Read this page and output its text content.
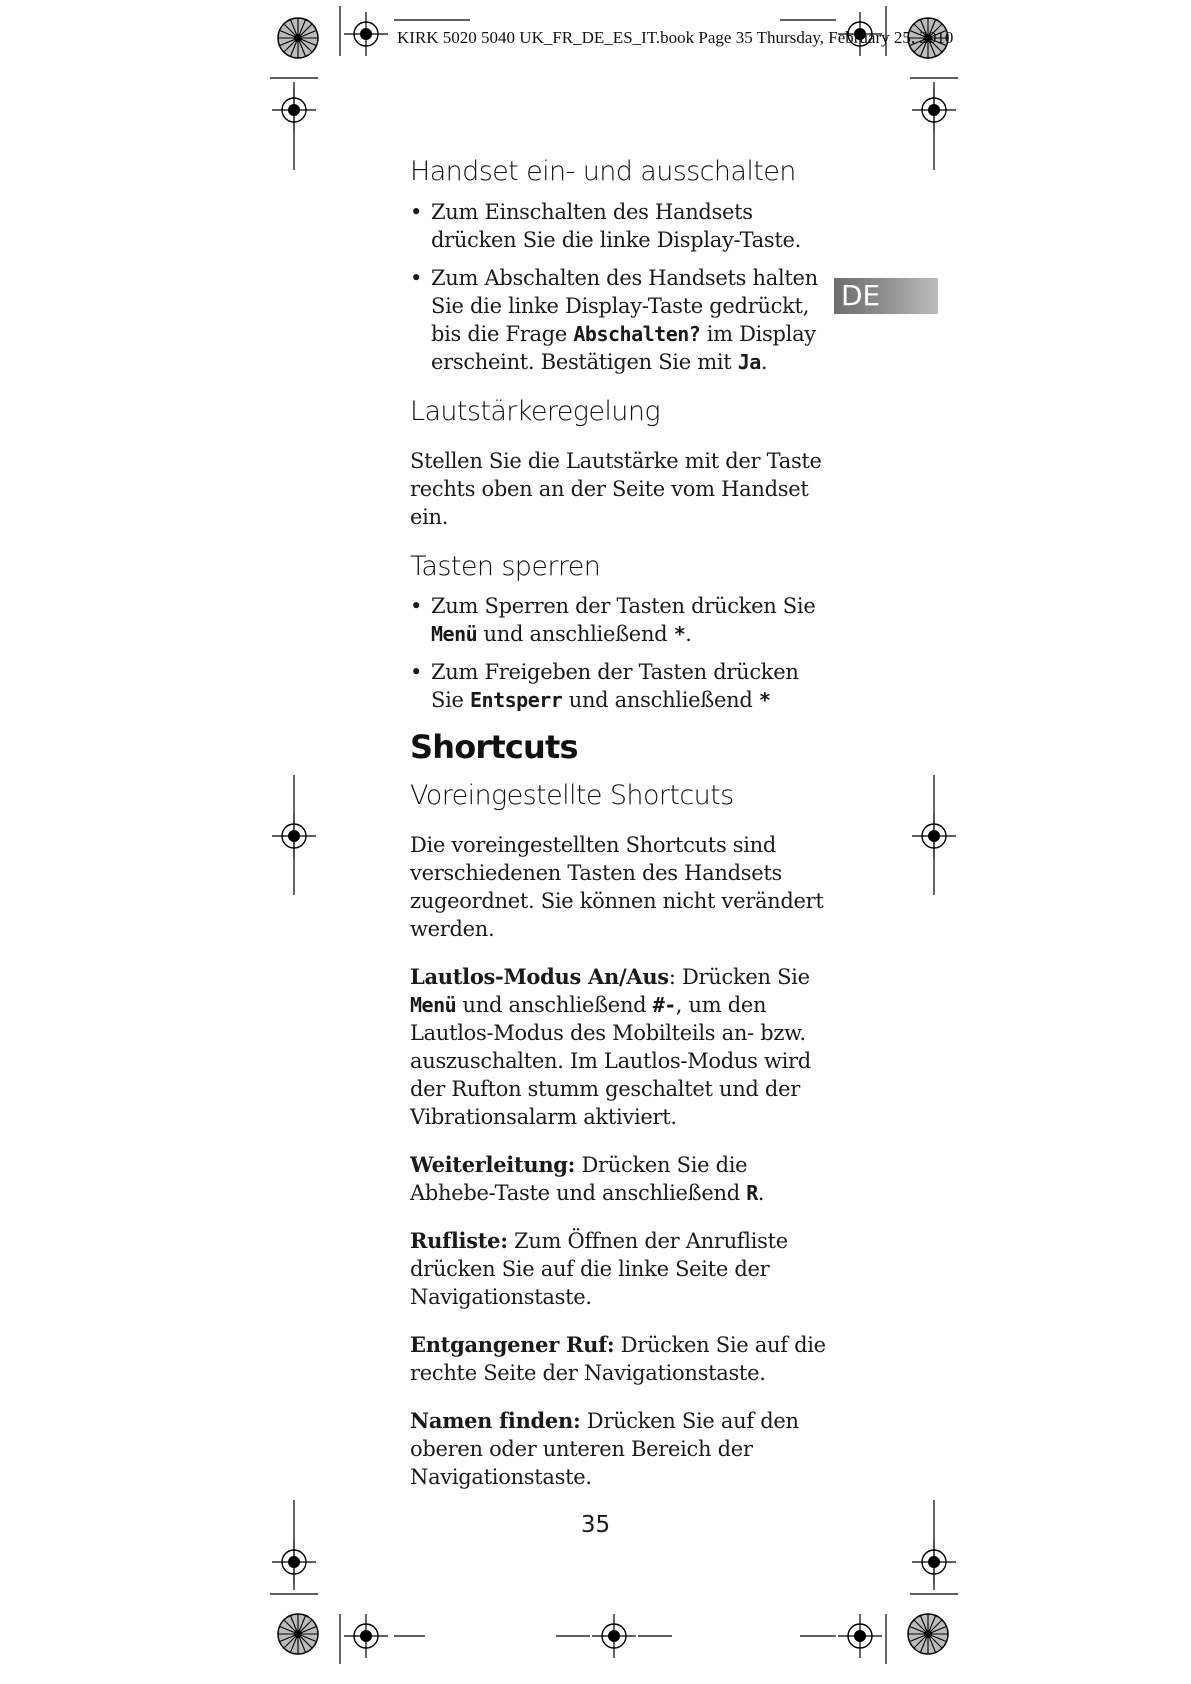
KIRK 5020 5040 UK_FR_DE_ES_IT.book Page 35 Thursday, February 25, 2010
DE
Handset ein- und ausschalten
• Zum Einschalten des Handsets drücken Sie die linke Display-Taste.
• Zum Abschalten des Handsets halten Sie die linke Display-Taste gedrückt, bis die Frage Abschalten? im Display erscheint. Bestätigen Sie mit Ja.
Lautstärkeregelung

Stellen Sie die Lautstärke mit der Taste rechts oben an der Seite vom Handset ein.

Tasten sperren
• Zum Sperren der Tasten drücken Sie Menü und anschließend *.
• Zum Freigeben der Tasten drücken Sie Entsperr und anschließend *
Shortcuts
Voreingestellte Shortcuts

Die voreingestellten Shortcuts sind verschiedenen Tasten des Handsets zugeordnet. Sie können nicht verändert werden.

Lautlos-Modus An/Aus: Drücken Sie Menü und anschließend #-, um den Lautlos-Modus des Mobilteils an- bzw. auszuschalten. Im Lautlos-Modus wird der Rufton stumm geschaltet und der Vibrationsalarm aktiviert.

Weiterleitung: Drücken Sie die Abhebe-Taste und anschließend R.

Rufliste: Zum Öffnen der Anrufliste drücken Sie auf die linke Seite der Navigationstaste.

Entgangener Ruf: Drücken Sie auf die rechte Seite der Navigationstaste.

Namen finden: Drücken Sie auf den oberen oder unteren Bereich der Navigationstaste.

35
